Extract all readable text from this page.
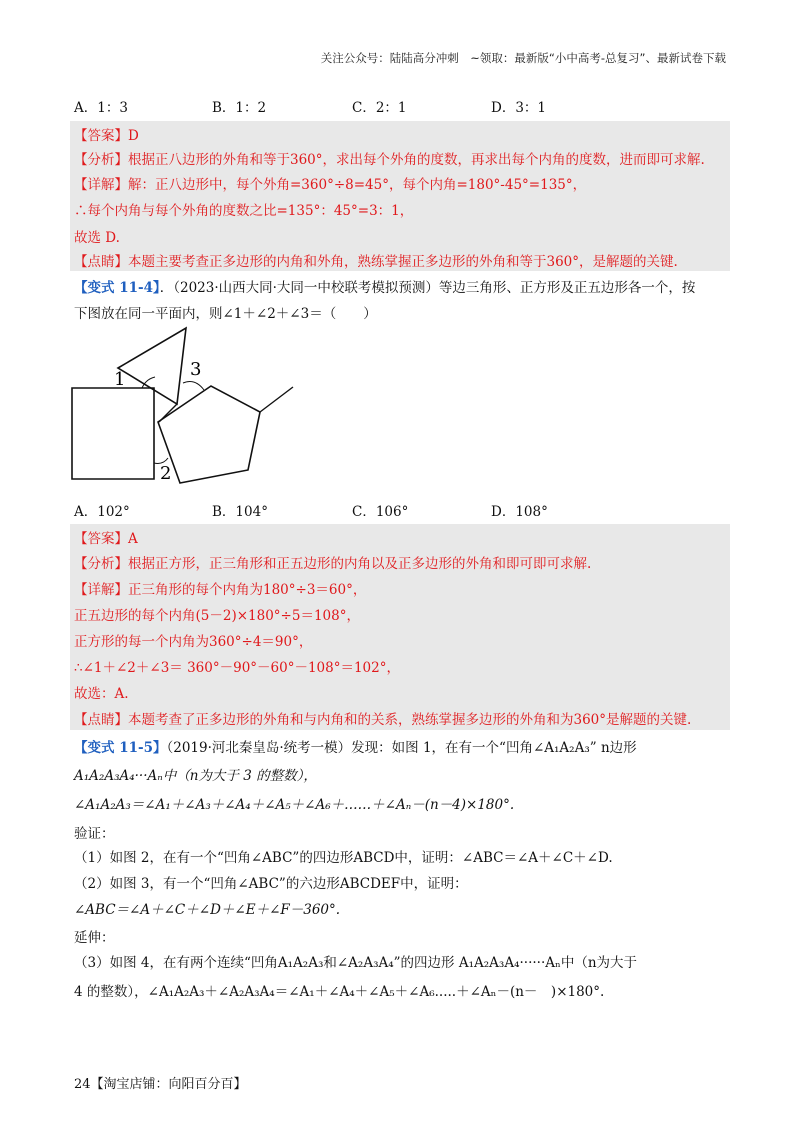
关注公众号：陆陆高分冲刺　~领取：最新版“小中高考-总复习”、最新试卷下载
A．1：3	B．1：2	C．2：1	D．3：1
【答案】D
【分析】根据正八边形的外角和等于360°，求出每个外角的度数，再求出每个内角的度数，进而即可求解.
【详解】解：正八边形中，每个外角=360°÷8=45°，每个内角=180°-45°=135°，
∴每个内角与每个外角的度数之比=135°：45°=3：1，
故选 D.
【点睛】本题主要考查正多边形的内角和外角，熟练掌握正多边形的外角和等于360°，是解题的关键.
【变式 11-4】．（2023·山西大同·大同一中校联考模拟预测）等边三角形、正方形及正五边形各一个，按
下图放在同一平面内，则∠1＋∠2＋∠3＝（　　）
1
2
3
A．102°	B．104°	C．106°	D．108°
【答案】A
【分析】根据正方形，正三角形和正五边形的内角以及正多边形的外角和即可即可求解.
【详解】正三角形的每个内角为180°÷3＝60°，
正五边形的每个内角(5－2)×180°÷5＝108°，
正方形的每一个内角为360°÷4＝90°，
∴∠1＋∠2＋∠3＝ 360°－90°－60°－108°＝102°，
故选：A.
【点睛】本题考查了正多边形的外角和与内角和的关系，熟练掌握多边形的外角和为360°是解题的关键.
【变式 11-5】（2019·河北秦皇岛·统考一模）发现：如图 1，在有一个“凹角∠A₁A₂A₃” n边形
A₁A₂A₃A₄···Aₙ中（n为大于 3 的整数），
∠A₁A₂A₃＝∠A₁＋∠A₃＋∠A₄＋∠A₅＋∠A₆＋……＋∠Aₙ－(n－4)×180°.
验证：
（1）如图 2，在有一个“凹角∠ABC”的四边形ABCD中，证明：∠ABC＝∠A＋∠C＋∠D.
（2）如图 3，有一个“凹角∠ABC”的六边形ABCDEF中，证明：
∠ABC＝∠A＋∠C＋∠D＋∠E＋∠F－360°.
延伸：
（3）如图 4，在有两个连续“凹角A₁A₂A₃和∠A₂A₃A₄”的四边形 A₁A₂A₃A₄······Aₙ中（n为大于
4 的整数），∠A₁A₂A₃＋∠A₂A₃A₄＝∠A₁＋∠A₄＋∠A₅＋∠A₆.....＋∠Aₙ－(n－　)×180°.
24【淘宝店铺：向阳百分百】
